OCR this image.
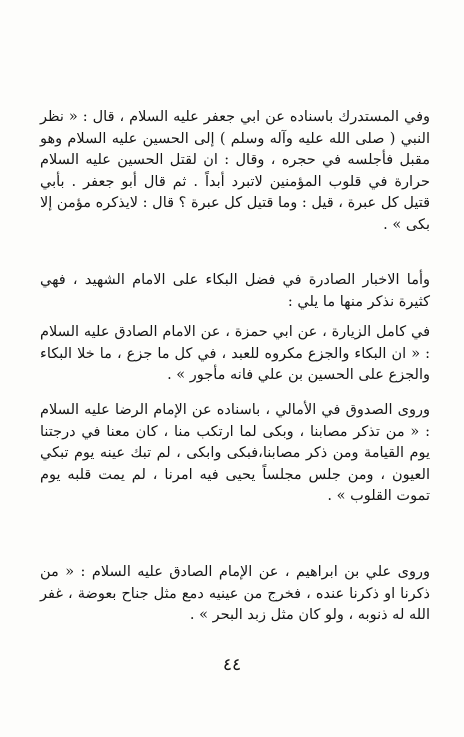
وفي المستدرك باسناده عن ابي جعفر عليه السلام ، قال : « نظر النبي ( صلى الله عليه وآله وسلم ) إلى الحسين عليه السلام وهو مقبل فأجلسه في حجره ، وقال : ان لقتل الحسين عليه السلام حرارة في قلوب المؤمنين لاتبرد أبداً . ثم قال أبو جعفر . بأبي قتيل كل عبرة ، قيل : وما قتيل كل عبرة ؟ قال : لايذكره مؤمن إلا بكى » .

وأما الاخبار الصادرة في فضل البكاء على الامام الشهيد ، فهي كثيرة نذكر منها ما يلي :

في كامل الزيارة ، عن ابي حمزة ، عن الامام الصادق عليه السلام : « ان البكاء والجزع مكروه للعبد ، في كل ما جزع ، ما خلا البكاء والجزع على الحسين بن علي فانه مأجور » .

وروى الصدوق في الأمالي ، باسناده عن الإمام الرضا عليه السلام : « من تذكر مصابنا ، وبكى لما ارتكب منا ، كان معنا في درجتنا يوم القيامة ومن ذكر مصابنا،فبكى وابكى ، لم تبك عينه يوم تبكي العيون ، ومن جلس مجلساً يحيى فيه امرنا ، لم يمت قلبه يوم تموت القلوب » .

وروى علي بن ابراهيم ، عن الإمام الصادق عليه السلام : « من ذكرنا او ذكرنا عنده ، فخرج من عينيه دمع مثل جناح بعوضة ، غفر الله له ذنوبه ، ولو كان مثل زبد البحر » .

٤٤
